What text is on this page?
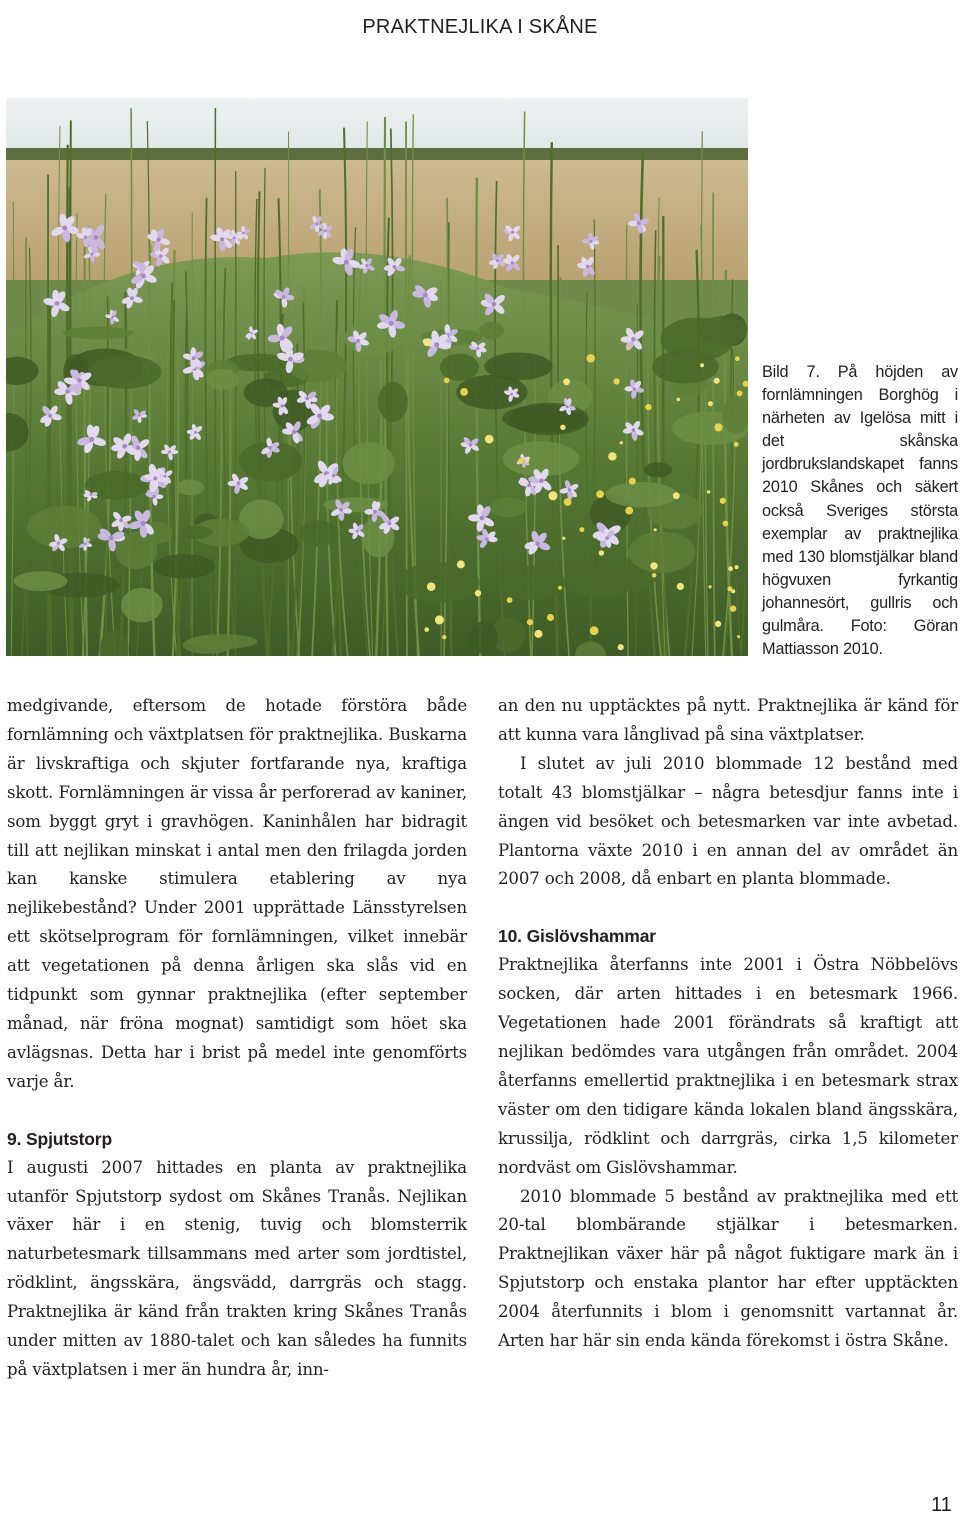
PRAKTNEJLIKA I SKÅNE
Bild 7. På höjden av fornlämningen Borghög i närheten av Igelösa mitt i det skånska jordbrukslandskapet fanns 2010 Skånes och säkert också Sveriges största exemplar av praktnejlika med 130 blomstjälkar bland högvuxen fyrkantig johannesört, gullris och gulmåra. Foto: Göran Mattiasson 2010.

medgivande, eftersom de hotade förstöra både fornlämning och växtplatsen för praktnejlika. Buskarna är livskraftiga och skjuter fortfarande nya, kraftiga skott. Fornlämningen är vissa år perforerad av kaniner, som byggt gryt i gravhögen. Kaninhålen har bidragit till att nejlikan minskat i antal men den frilagda jorden kan kanske stimulera etablering av nya nejlikebestånd? Under 2001 upprättade Länsstyrelsen ett skötselprogram för fornlämningen, vilket innebär att vegetationen på denna årligen ska slås vid en tidpunkt som gynnar praktnejlika (efter september månad, när fröna mognat) samtidigt som höet ska avlägsnas. Detta har i brist på medel inte genomförts varje år.

9. Spjutstorp

I augusti 2007 hittades en planta av praktnejlika utanför Spjutstorp sydost om Skånes Tranås. Nejlikan växer här i en stenig, tuvig och blomsterrik naturbetesmark tillsammans med arter som jordtistel, rödklint, ängsskära, ängsvädd, darrgräs och stagg. Praktnejlika är känd från trakten kring Skånes Tranås under mitten av 1880-talet och kan således ha funnits på växtplatsen i mer än hundra år, inn-

an den nu upptäcktes på nytt. Praktnejlika är känd för att kunna vara långlivad på sina växtplatser.

I slutet av juli 2010 blommade 12 bestånd med totalt 43 blomstjälkar – några betesdjur fanns inte i ängen vid besöket och betesmarken var inte avbetad. Plantorna växte 2010 i en annan del av området än 2007 och 2008, då enbart en planta blommade.

10. Gislövshammar

Praktnejlika återfanns inte 2001 i Östra Nöbbelövs socken, där arten hittades i en betesmark 1966. Vegetationen hade 2001 förändrats så kraftigt att nejlikan bedömdes vara utgången från området. 2004 återfanns emellertid praktnejlika i en betesmark strax väster om den tidigare kända lokalen bland ängsskära, krussilja, rödklint och darrgräs, cirka 1,5 kilometer nordväst om Gislövshammar.

2010 blommade 5 bestånd av praktnejlika med ett 20-tal blombärande stjälkar i betesmarken. Praktnejlikan växer här på något fuktigare mark än i Spjutstorp och enstaka plantor har efter upptäckten 2004 återfunnits i blom i genomsnitt vartannat år. Arten har här sin enda kända förekomst i östra Skåne.

11
